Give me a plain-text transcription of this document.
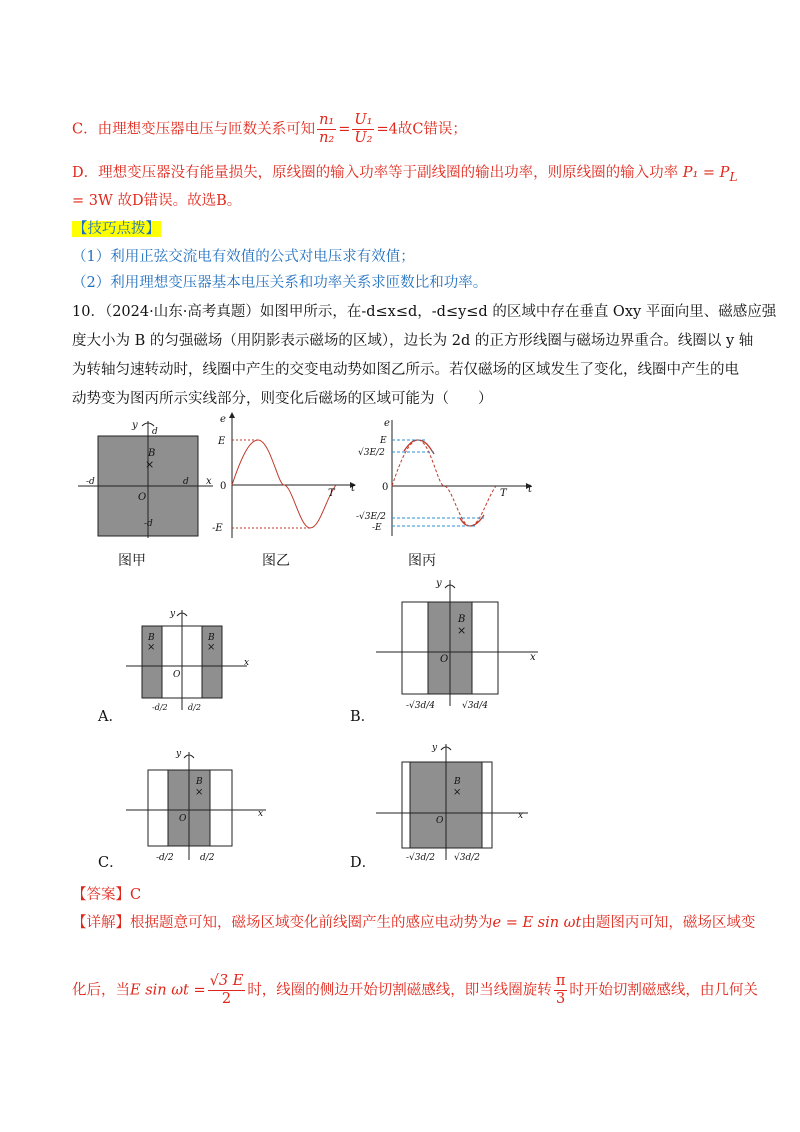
C．由理想变压器电压与匝数关系可知 $\frac{\text{n₁}}{\text{n₂}} = \frac{\text{U₁}}{\text{U₂}} =4$故C错误；
D．理想变压器没有能量损失，原线圈的输入功率等于副线圈的输出功率，则原线圈的输入功率 $P_1 = P_L$
= 3W 故D错误。故选B。
【技巧点拨】
（1）利用正弦交流电有效值的公式对电压求有效值；
（2）利用理想变压器基本电压关系和功率关系求匝数比和功率。
10．（2024·山东·高考真题）如图甲所示，在-d≤x≤d，-d≤y≤d 的区域中存在垂直 Oxy 平面向里、磁感应强
度大小为 B 的匀强磁场（用阴影表示磁场的区域），边长为 2d 的正方形线圈与磁场边界重合。线圈以 y 轴
为转轴匀速转动时，线圈中产生的交变电动势如图乙所示。若仅磁场的区域发生了变化，线圈中产生的电
动势变为图丙所示实线部分，则变化后磁场的区域可能为（　　）
y
x
O
B
×
d
-d	d
-d
图甲
e
t
T
E
0
-E
图乙
e
t
T
E
√3E/2
0
-√3E/2
-E
图丙
y
x
O
B
×
B
×
-d/2	d/2
A．
y
x
O
B
×
-√3d/4	√3d/4
B．
y
x
O
B
×
-d/2	d/2
C．
y
x
O
B
×
-√3d/2 √3d/2
D．
【答案】C
【详解】根据题意可知，磁场区域变化前线圈产生的感应电动势为e = E sin ωt由题图丙可知，磁场区域变
化后，当E $\sin \omega t = \frac{√3 E}{2}$ 时，线圈的侧边开始切割磁感线，即当线圈旋转 $\frac{\pi}{3}$ 时开始切割磁感线，由几何关
